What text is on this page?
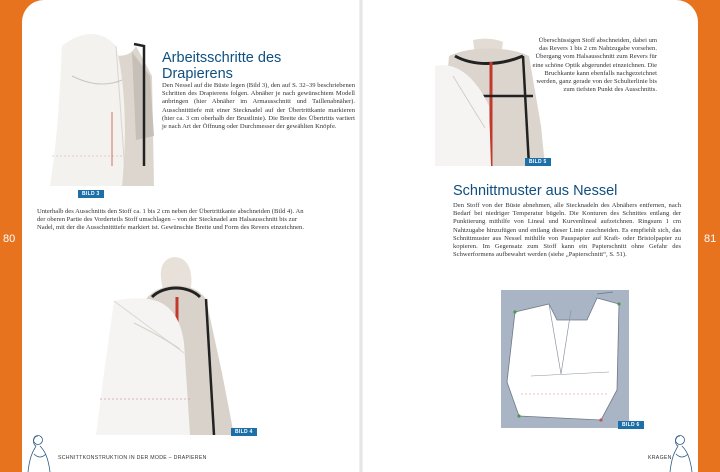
BILD 3
Arbeitsschritte des
Drapierens
Den Nessel auf die Büste legen (Bild 3), den auf S. 32–39 beschriebenen Schritten des Drapierens folgen. Abnäher je nach gewünschtem Modell anbringen (hier Abnäher im Armausschnitt und Taillenabnäher). Ausschnitttiefe mit einer Stecknadel auf der Übertrittkante markieren (hier ca. 3 cm oberhalb der Brustlinie). Die Breite des Übertritts variiert je nach Art der Öffnung oder Durchmesser der gewählten Knöpfe.
Unterhalb des Ausschnitts den Stoff ca. 1 bis 2 cm neben der Übertrittkante abschneiden (Bild 4). An der oberen Partie des Vorderteils Stoff umschlagen – von der Stecknadel am Halsausschnitt bis zur Nadel, mit der die Ausschnitttiefe markiert ist. Gewünschte Breite und Form des Revers einzeichnen.
BILD 4
SCHNITTKONSTRUKTION IN DER MODE – DRAPIEREN
BILD 5
Überschüssigen Stoff abschneiden, dabei um das Revers 1 bis 2 cm Nahtzugabe vorsehen. Übergang vom Halsausschnitt zum Revers für eine schöne Optik abgerundet einzeichnen. Die Bruchkante kann ebenfalls nachgezeichnet werden, ganz gerade von der Schulterlinie bis zum tiefsten Punkt des Ausschnitts.
Schnittmuster aus Nessel
Den Stoff von der Büste abnehmen, alle Stecknadeln des Abnähers entfernen, nach Bedarf bei niedriger Temperatur bügeln. Die Konturen des Schnittes entlang der Punktierung mithilfe von Lineal und Kurvenlineal aufzeichnen. Ringsum 1 cm Nahtzugabe hinzufügen und entlang dieser Linie zuschneiden. Es empfiehlt sich, das Schnittmuster aus Nessel mithilfe von Pauspapier auf Kraft- oder Bristolpapier zu kopieren. Im Gegensatz zum Stoff kann ein Papierschnitt ohne Gefahr des Schwerformens aufbewahrt werden (siehe „Papierschnitt“, S. 51).
BILD 6
KRAGEN
80	81
